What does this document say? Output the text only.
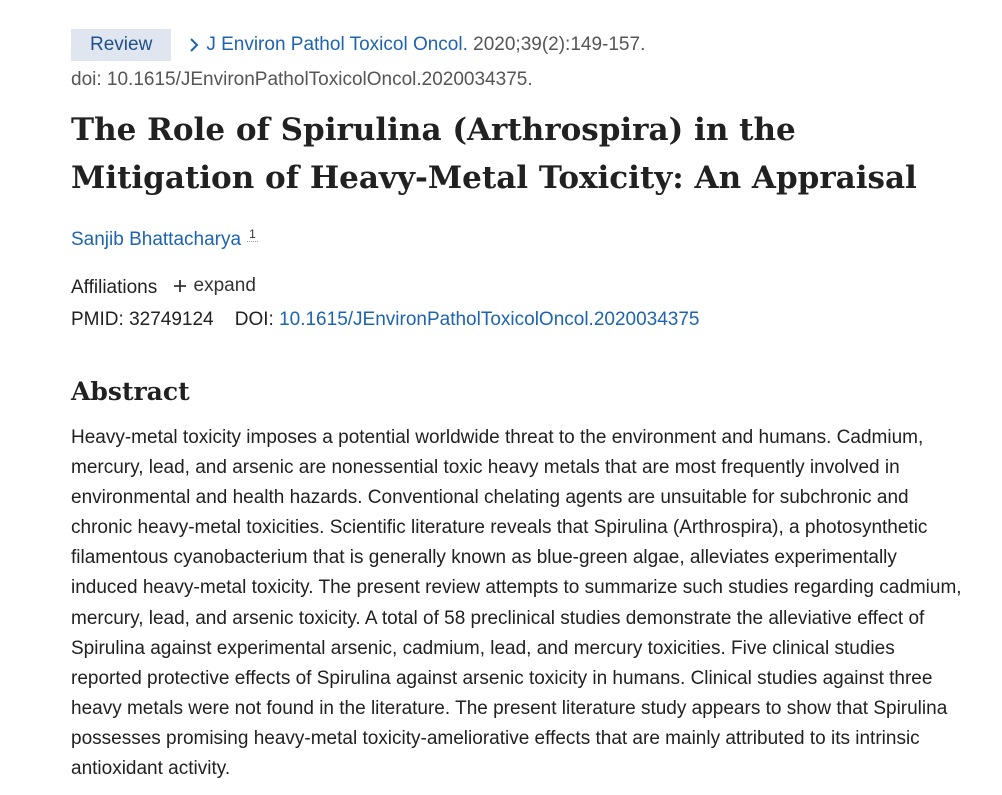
Review	J Environ Pathol Toxicol Oncol. 2020;39(2):149-157.
doi: 10.1615/JEnvironPatholToxicolOncol.2020034375.
The Role of Spirulina (Arthrospira) in the Mitigation of Heavy-Metal Toxicity: An Appraisal
Sanjib Bhattacharya 1
Affiliations expand
PMID: 32749124 DOI: 10.1615/JEnvironPatholToxicolOncol.2020034375
Abstract
Heavy-metal toxicity imposes a potential worldwide threat to the environment and humans. Cadmium, mercury, lead, and arsenic are nonessential toxic heavy metals that are most frequently involved in environmental and health hazards. Conventional chelating agents are unsuitable for subchronic and chronic heavy-metal toxicities. Scientific literature reveals that Spirulina (Arthrospira), a photosynthetic filamentous cyanobacterium that is generally known as blue-green algae, alleviates experimentally induced heavy-metal toxicity. The present review attempts to summarize such studies regarding cadmium, mercury, lead, and arsenic toxicity. A total of 58 preclinical studies demonstrate the alleviative effect of Spirulina against experimental arsenic, cadmium, lead, and mercury toxicities. Five clinical studies reported protective effects of Spirulina against arsenic toxicity in humans. Clinical studies against three heavy metals were not found in the literature. The present literature study appears to show that Spirulina possesses promising heavy-metal toxicity-ameliorative effects that are mainly attributed to its intrinsic antioxidant activity.
